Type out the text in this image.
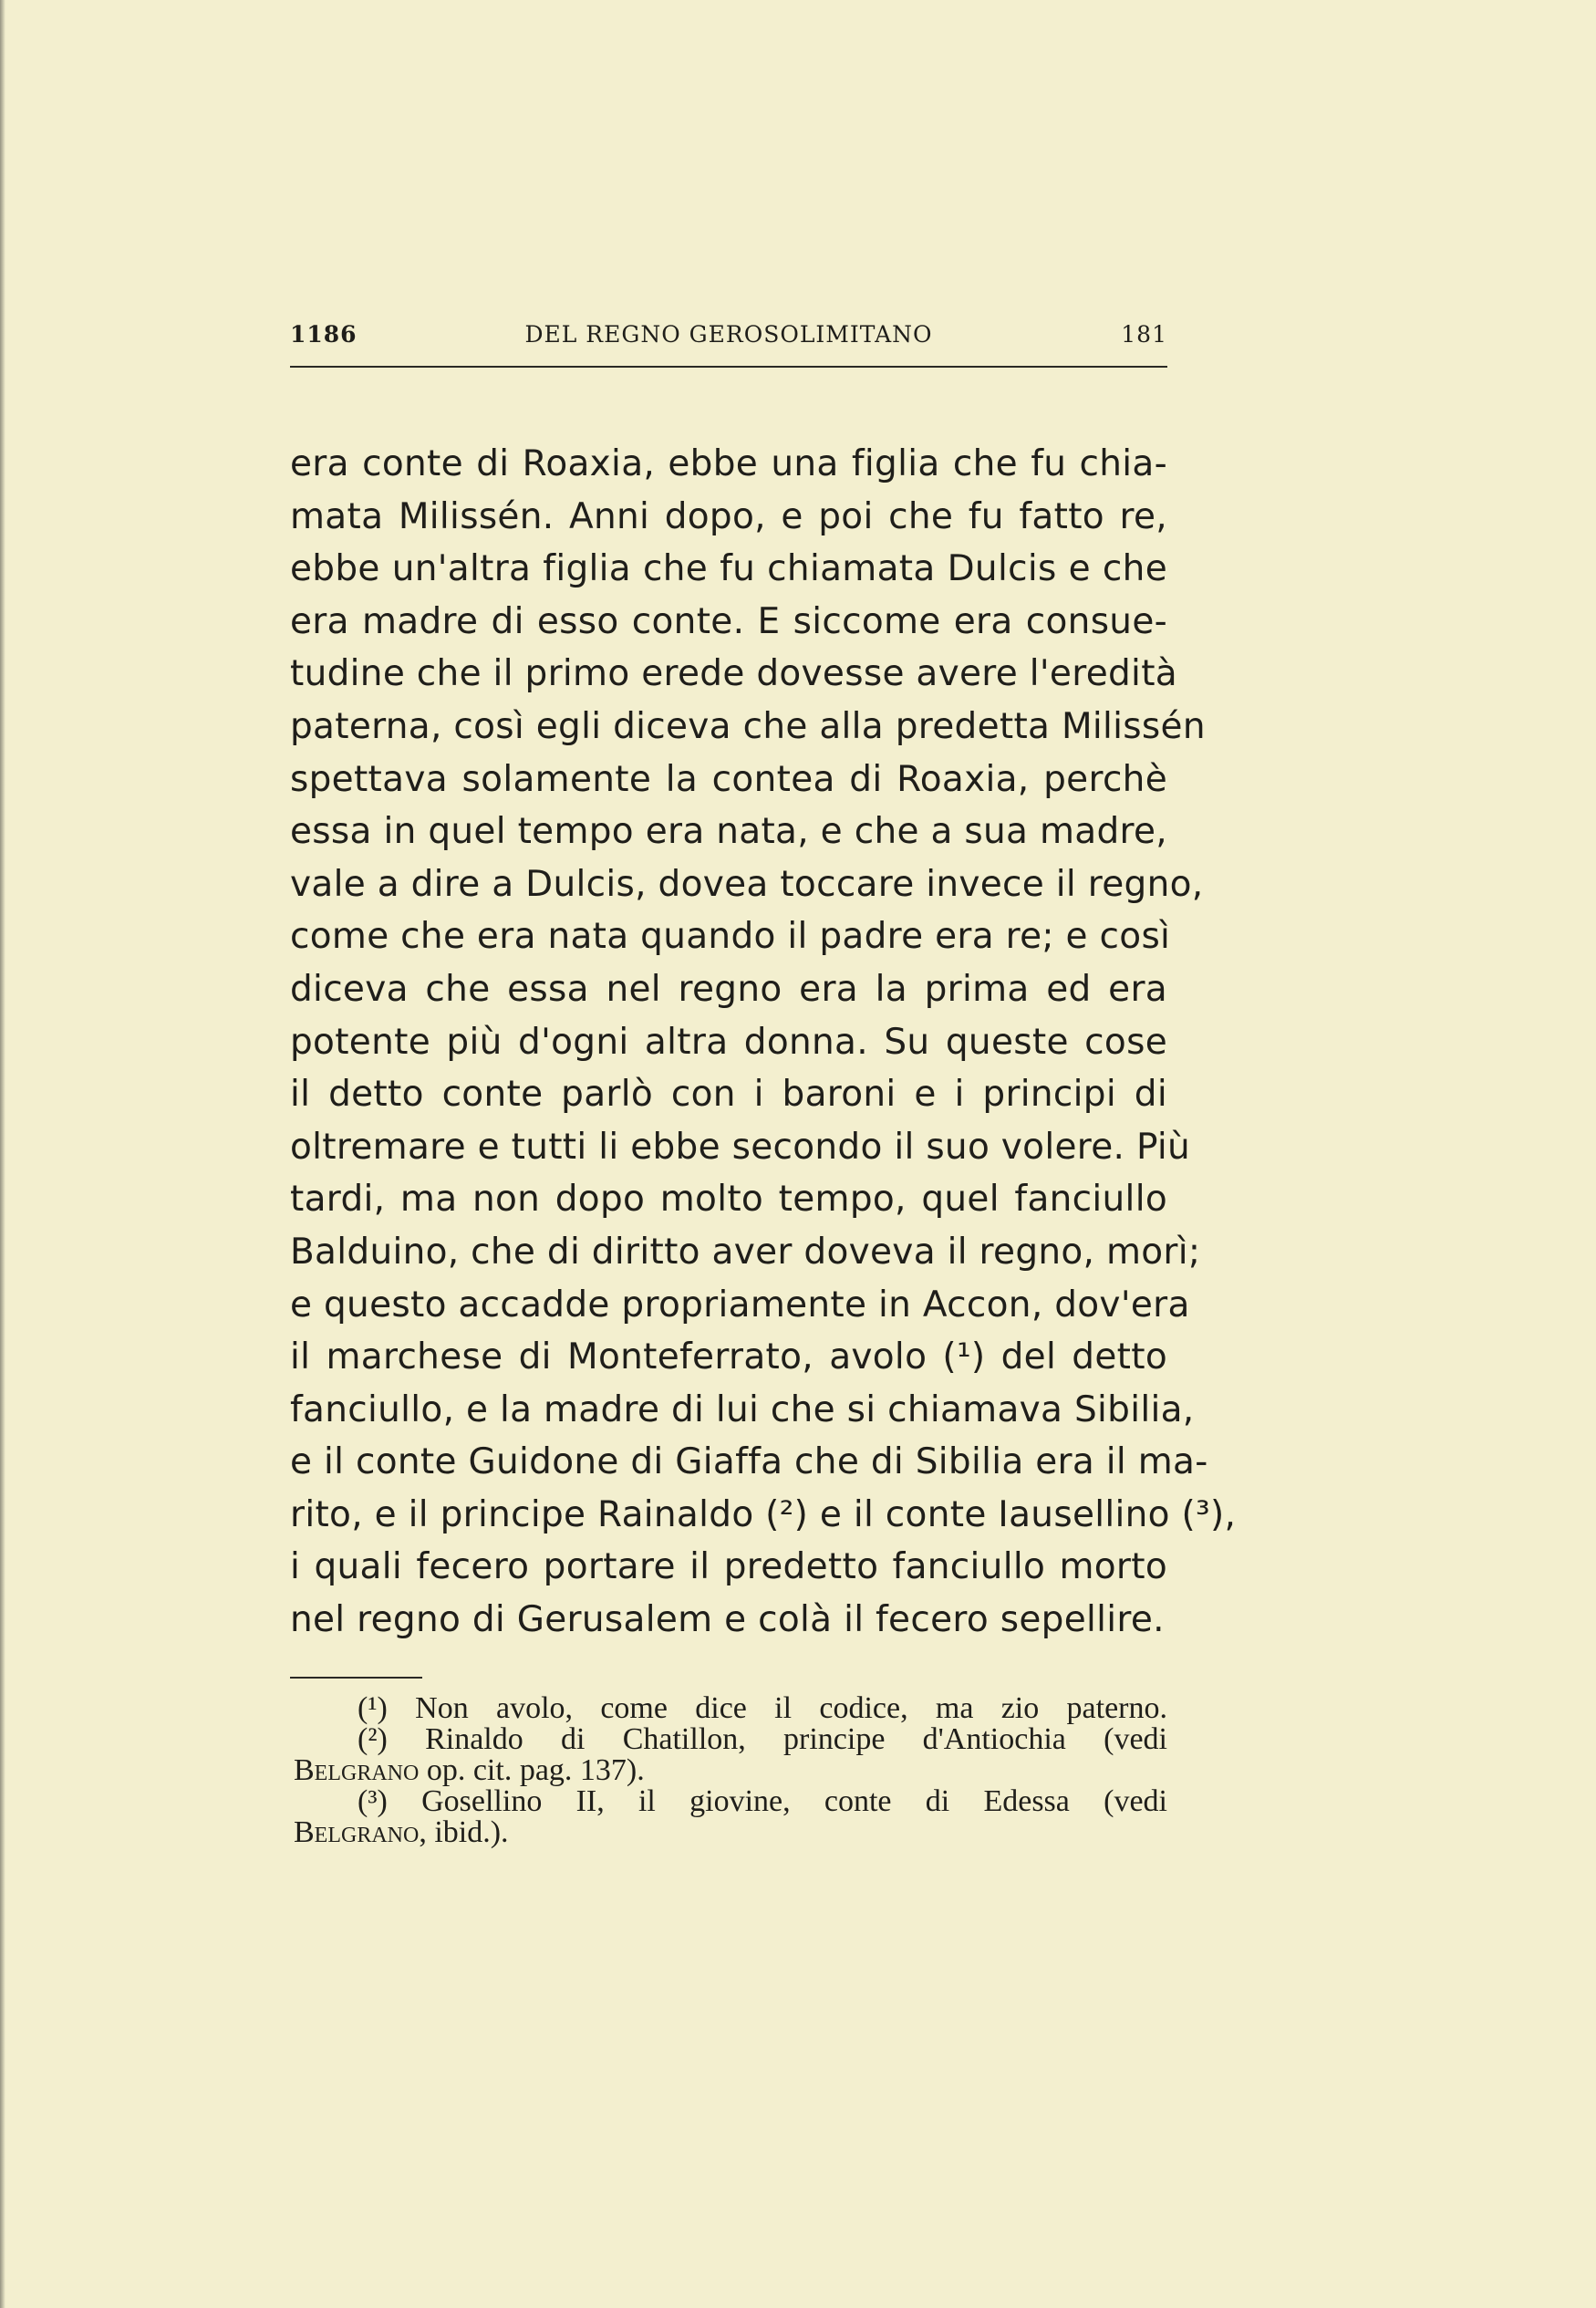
1186	DEL REGNO GEROSOLIMITANO	181
era conte di Roaxia, ebbe una figlia che fu chia-
mata Milissén. Anni dopo, e poi che fu fatto re,
ebbe un'altra figlia che fu chiamata Dulcis e che
era madre di esso conte. E siccome era consue-
tudine che il primo erede dovesse avere l'eredità
paterna, così egli diceva che alla predetta Milissén
spettava solamente la contea di Roaxia, perchè
essa in quel tempo era nata, e che a sua madre,
vale a dire a Dulcis, dovea toccare invece il regno,
come che era nata quando il padre era re; e così
diceva che essa nel regno era la prima ed era
potente più d'ogni altra donna. Su queste cose
il detto conte parlò con i baroni e i principi di
oltremare e tutti li ebbe secondo il suo volere. Più
tardi, ma non dopo molto tempo, quel fanciullo
Balduino, che di diritto aver doveva il regno, morì;
e questo accadde propriamente in Accon, dov'era
il marchese di Monteferrato, avolo (¹) del detto
fanciullo, e la madre di lui che si chiamava Sibilia,
e il conte Guidone di Giaffa che di Sibilia era il ma-
rito, e il principe Rainaldo (²) e il conte Iausellino (³),
i quali fecero portare il predetto fanciullo morto
nel regno di Gerusalem e colà il fecero sepellire.
(¹) Non avolo, come dice il codice, ma zio paterno.
(²) Rinaldo di Chatillon, principe d'Antiochia (vedi
Belgrano op. cit. pag. 137).
(³) Gosellino II, il giovine, conte di Edessa (vedi
Belgrano, ibid.).
